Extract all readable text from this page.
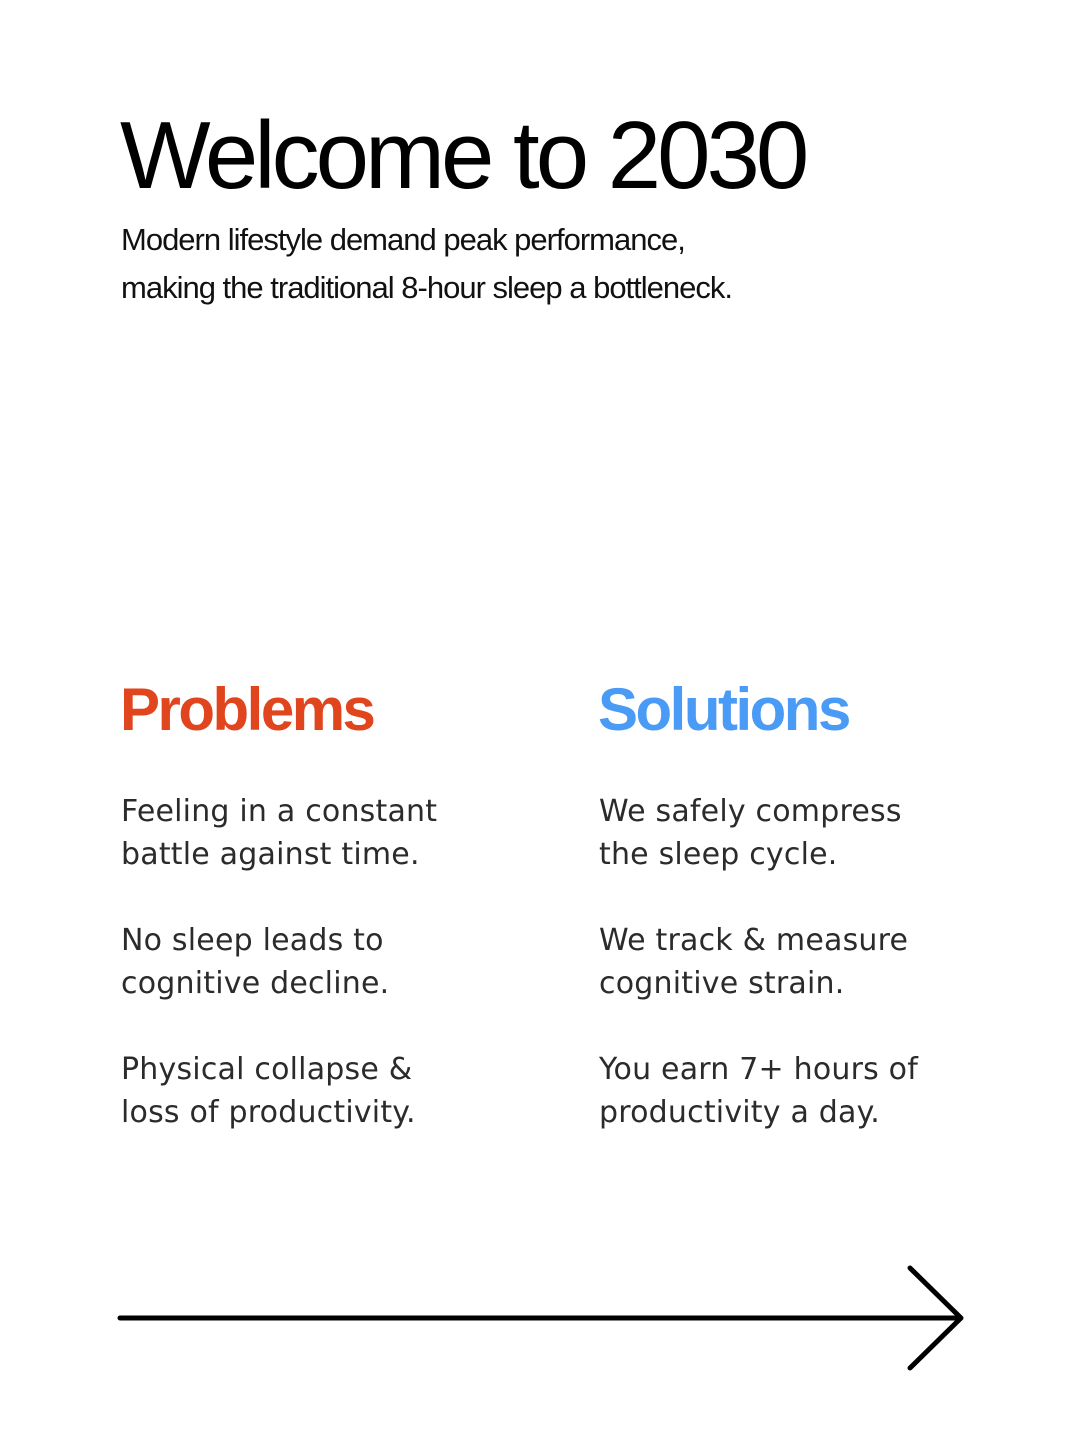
Welcome to 2030

Modern lifestyle demand peak performance,
making the traditional 8-hour sleep a bottleneck.

Problems
Feeling in a constant
battle against time.
No sleep leads to
cognitive decline.
Physical collapse &
loss of productivity.
Solutions
We safely compress
the sleep cycle.
We track & measure
cognitive strain.
You earn 7+ hours of
productivity a day.
